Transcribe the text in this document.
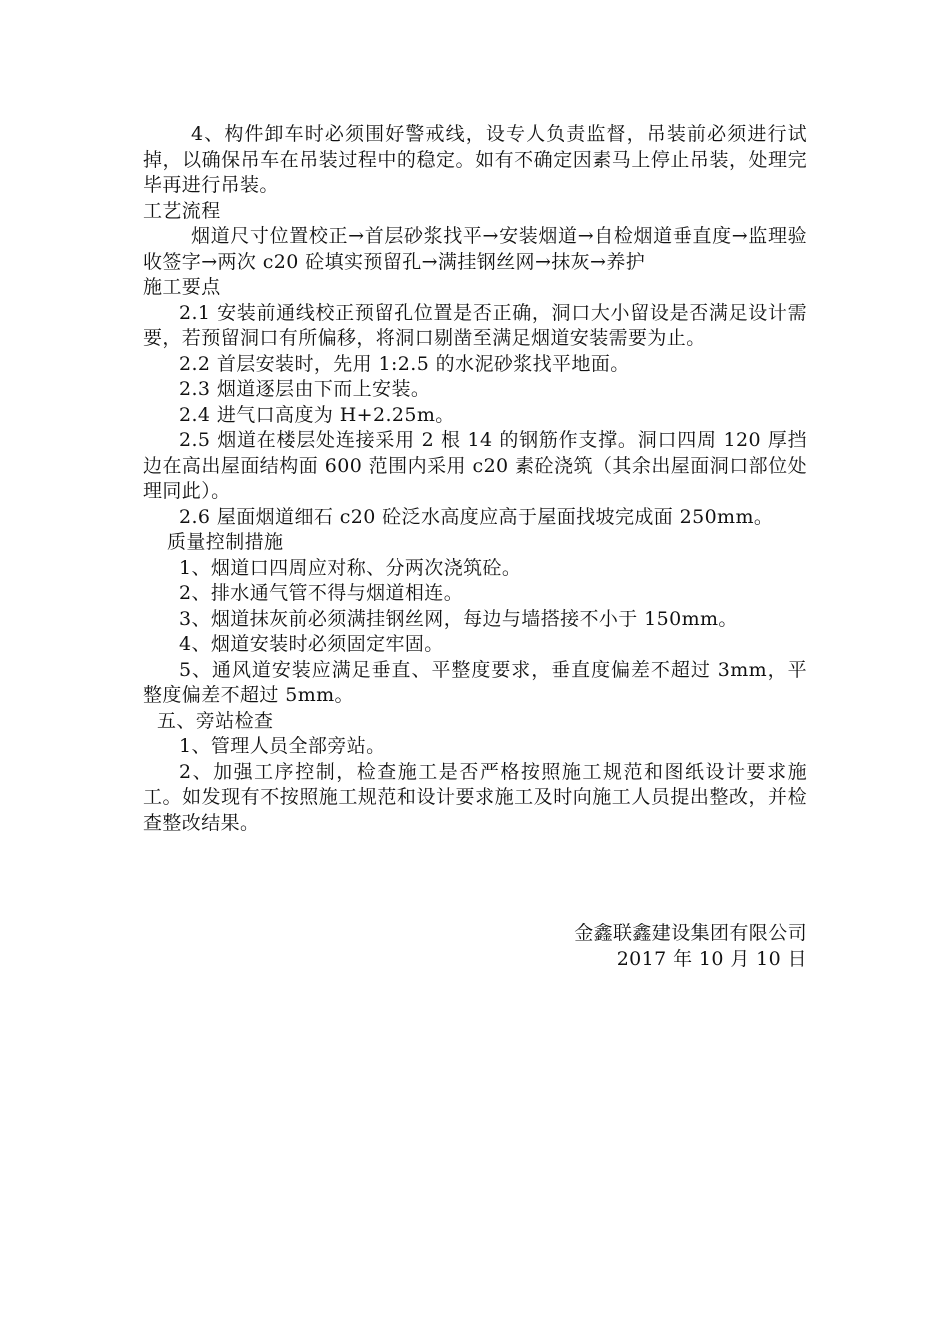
4、构件卸车时必须围好警戒线，设专人负责监督，吊装前必须进行试掉，以确保吊车在吊装过程中的稳定。如有不确定因素马上停止吊装，处理完毕再进行吊装。

工艺流程

烟道尺寸位置校正→首层砂浆找平→安装烟道→自检烟道垂直度→监理验收签字→两次 c20 砼填实预留孔→满挂钢丝网→抹灰→养护

施工要点

2.1 安装前通线校正预留孔位置是否正确，洞口大小留设是否满足设计需要，若预留洞口有所偏移，将洞口剔凿至满足烟道安装需要为止。

2.2 首层安装时，先用 1:2.5 的水泥砂浆找平地面。

2.3 烟道逐层由下而上安装。

2.4 进气口高度为 H+2.25m。

2.5 烟道在楼层处连接采用 2 根 14 的钢筋作支撑。洞口四周 120 厚挡边在高出屋面结构面 600 范围内采用 c20 素砼浇筑（其余出屋面洞口部位处理同此）。

2.6 屋面烟道细石 c20 砼泛水高度应高于屋面找坡完成面 250mm。

质量控制措施

1、烟道口四周应对称、分两次浇筑砼。

2、排水通气管不得与烟道相连。

3、烟道抹灰前必须满挂钢丝网，每边与墙搭接不小于 150mm。

4、烟道安装时必须固定牢固。

5、通风道安装应满足垂直、平整度要求，垂直度偏差不超过 3mm，平整度偏差不超过 5mm。

五、旁站检查

1、管理人员全部旁站。

2、加强工序控制，检查施工是否严格按照施工规范和图纸设计要求施工。如发现有不按照施工规范和设计要求施工及时向施工人员提出整改，并检查整改结果。

金鑫联鑫建设集团有限公司
2017 年 10 月 10 日
